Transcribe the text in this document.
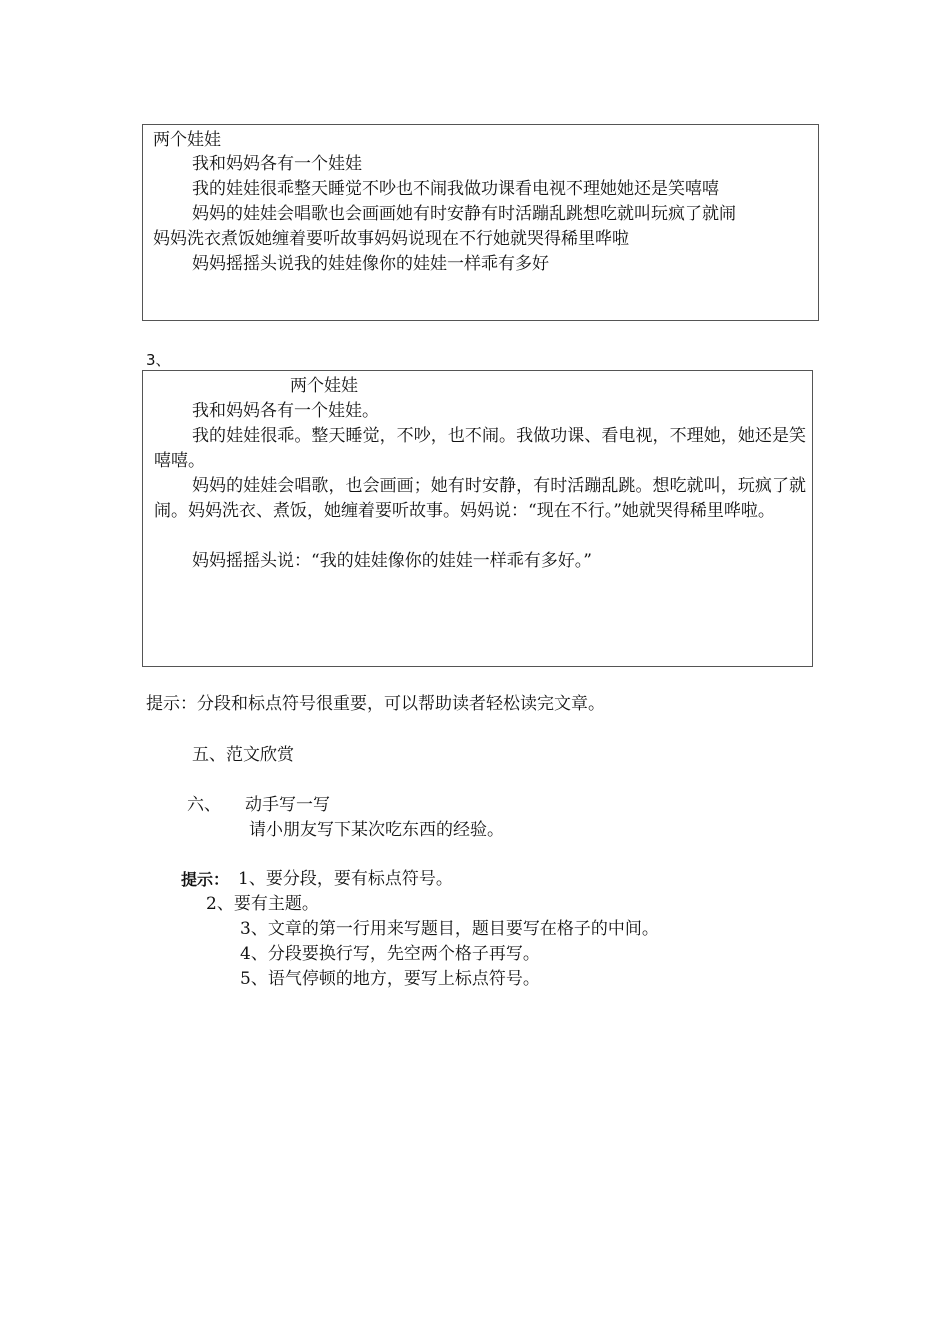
两个娃娃
我和妈妈各有一个娃娃
我的娃娃很乖整天睡觉不吵也不闹我做功课看电视不理她她还是笑嘻嘻
妈妈的娃娃会唱歌也会画画她有时安静有时活蹦乱跳想吃就叫玩疯了就闹
妈妈洗衣煮饭她缠着要听故事妈妈说现在不行她就哭得稀里哗啦
妈妈摇摇头说我的娃娃像你的娃娃一样乖有多好
3、
两个娃娃
我和妈妈各有一个娃娃。
我的娃娃很乖。整天睡觉，不吵，也不闹。我做功课、看电视，不理她，她还是笑嘻嘻。
妈妈的娃娃会唱歌，也会画画；她有时安静，有时活蹦乱跳。想吃就叫，玩疯了就闹。妈妈洗衣、煮饭，她缠着要听故事。妈妈说：“现在不行。”她就哭得稀里哗啦。
妈妈摇摇头说：“我的娃娃像你的娃娃一样乖有多好。”
提示：分段和标点符号很重要，可以帮助读者轻松读完文章。
五、范文欣赏
六、 动手写一写
请小朋友写下某次吃东西的经验。
提示： 1、要分段，要有标点符号。
2、要有主题。
3、文章的第一行用来写题目，题目要写在格子的中间。
4、分段要换行写，先空两个格子再写。
5、语气停顿的地方，要写上标点符号。
